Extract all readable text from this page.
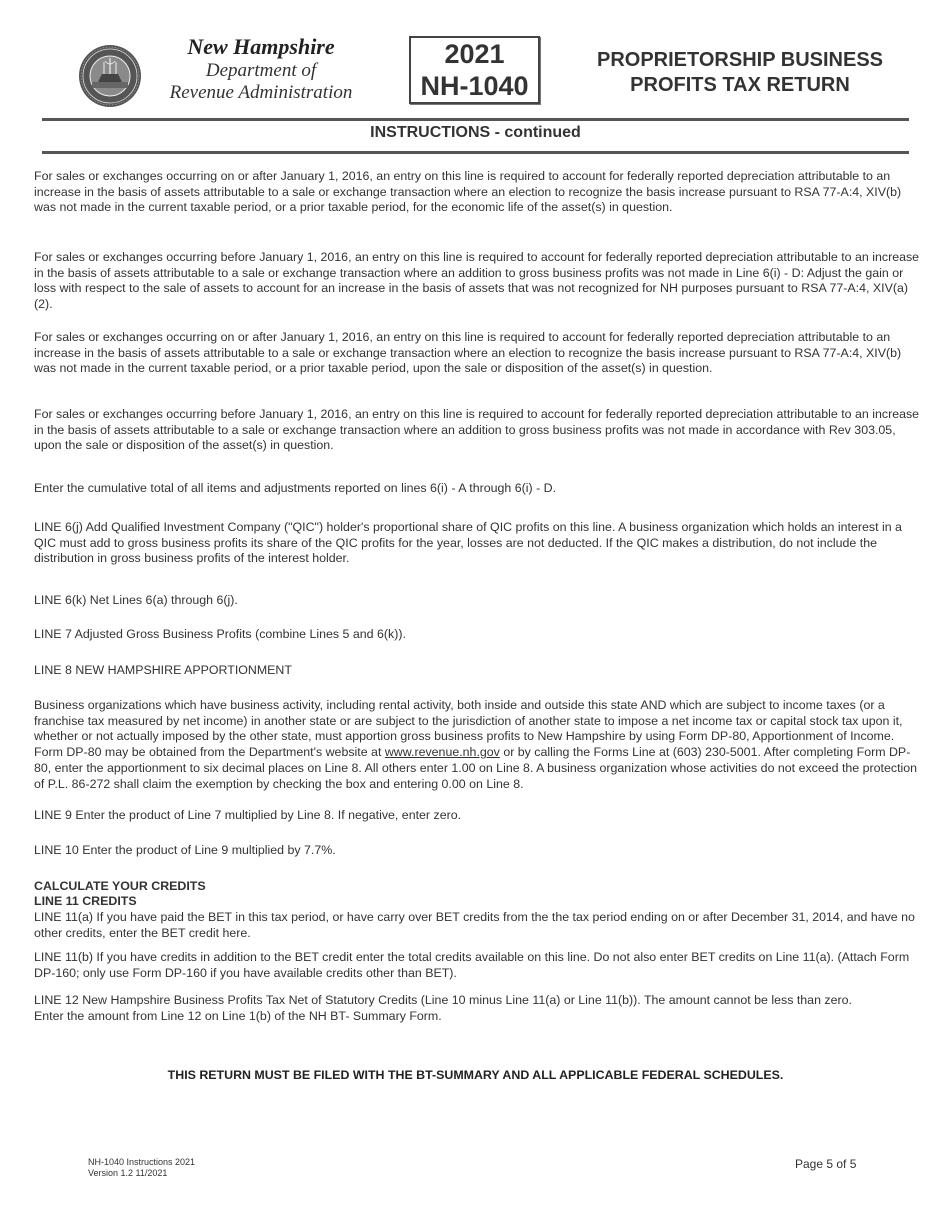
New Hampshire
Department of
Revenue Administration
2021
NH-1040
PROPRIETORSHIP BUSINESS
PROFITS TAX RETURN
INSTRUCTIONS - continued

For sales or exchanges occurring on or after January 1, 2016, an entry on this line is required to account for federally reported depreciation attributable to an increase in the basis of assets attributable to a sale or exchange transaction where an election to recognize the basis increase pursuant to RSA 77-A:4, XIV(b) was not made in the current taxable period, or a prior taxable period, for the economic life of the asset(s) in question.

For sales or exchanges occurring before January 1, 2016, an entry on this line is required to account for federally reported depreciation attributable to an increase in the basis of assets attributable to a sale or exchange transaction where an addition to gross business profits was not made in Line 6(i) - D: Adjust the gain or loss with respect to the sale of assets to account for an increase in the basis of assets that was not recognized for NH purposes pursuant to RSA 77-A:4, XIV(a)(2).

For sales or exchanges occurring on or after January 1, 2016, an entry on this line is required to account for federally reported depreciation attributable to an increase in the basis of assets attributable to a sale or exchange transaction where an election to recognize the basis increase pursuant to RSA 77-A:4, XIV(b) was not made in the current taxable period, or a prior taxable period, upon the sale or disposition of the asset(s) in question.

For sales or exchanges occurring before January 1, 2016, an entry on this line is required to account for federally reported depreciation attributable to an increase in the basis of assets attributable to a sale or exchange transaction where an addition to gross business profits was not made in accordance with Rev 303.05, upon the sale or disposition of the asset(s) in question.

Enter the cumulative total of all items and adjustments reported on lines 6(i) - A through 6(i) - D.

LINE 6(j) Add Qualified Investment Company ("QIC") holder's proportional share of QIC profits on this line. A business organization which holds an interest in a QIC must add to gross business profits its share of the QIC profits for the year, losses are not deducted. If the QIC makes a distribution, do not include the distribution in gross business profits of the interest holder.

LINE 6(k) Net Lines 6(a) through 6(j).

LINE 7 Adjusted Gross Business Profits (combine Lines 5 and 6(k)).

LINE 8 NEW HAMPSHIRE APPORTIONMENT

Business organizations which have business activity, including rental activity, both inside and outside this state AND which are subject to income taxes (or a franchise tax measured by net income) in another state or are subject to the jurisdiction of another state to impose a net income tax or capital stock tax upon it, whether or not actually imposed by the other state, must apportion gross business profits to New Hampshire by using Form DP-80, Apportionment of Income. Form DP-80 may be obtained from the Department's website at www.revenue.nh.gov or by calling the Forms Line at (603) 230-5001. After completing Form DP-80, enter the apportionment to six decimal places on Line 8. All others enter 1.00 on Line 8. A business organization whose activities do not exceed the protection of P.L. 86-272 shall claim the exemption by checking the box and entering 0.00 on Line 8.

LINE 9 Enter the product of Line 7 multiplied by Line 8. If negative, enter zero.

LINE 10 Enter the product of Line 9 multiplied by 7.7%.

CALCULATE YOUR CREDITS

LINE 11 CREDITS

LINE 11(a) If you have paid the BET in this tax period, or have carry over BET credits from the the tax period ending on or after December 31, 2014, and have no other credits, enter the BET credit here.

LINE 11(b) If you have credits in addition to the BET credit enter the total credits available on this line. Do not also enter BET credits on Line 11(a). (Attach Form DP-160; only use Form DP-160 if you have available credits other than BET).

LINE 12 New Hampshire Business Profits Tax Net of Statutory Credits (Line 10 minus Line 11(a) or Line 11(b)). The amount cannot be less than zero.
Enter the amount from Line 12 on Line 1(b) of the NH BT- Summary Form.

THIS RETURN MUST BE FILED WITH THE BT-SUMMARY AND ALL APPLICABLE FEDERAL SCHEDULES.
NH-1040 Instructions 2021
Version 1.2 11/2021
Page 5 of 5
